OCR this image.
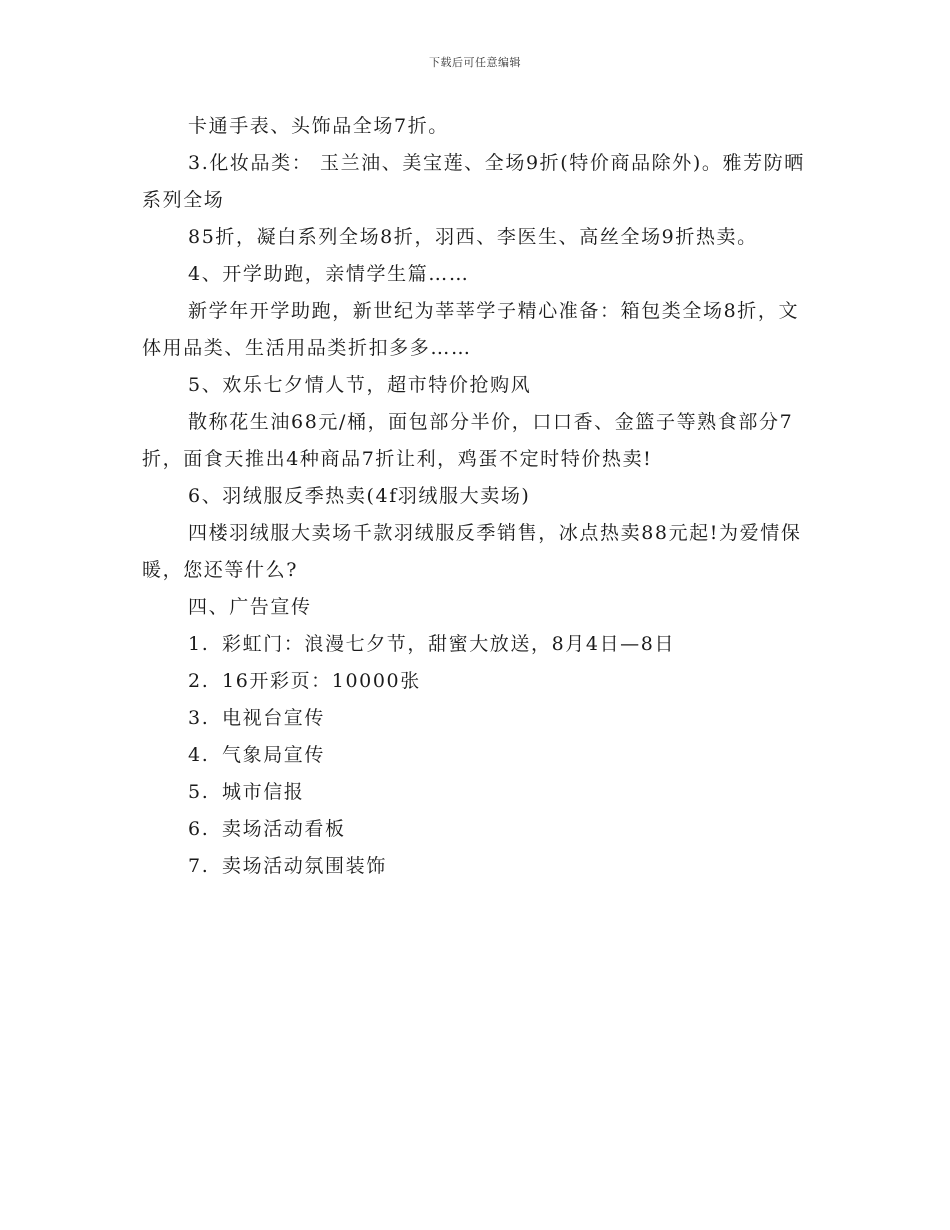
下载后可任意编辑

卡通手表、头饰品全场7折。

3.化妆品类： 玉兰油、美宝莲、全场9折(特价商品除外)。雅芳防晒系列全场

85折，凝白系列全场8折，羽西、李医生、高丝全场9折热卖。

4、开学助跑，亲情学生篇……

新学年开学助跑，新世纪为莘莘学子精心准备：箱包类全场8折，文体用品类、生活用品类折扣多多……

5、欢乐七夕情人节，超市特价抢购风

散称花生油68元/桶，面包部分半价，口口香、金篮子等熟食部分7折，面食天推出4种商品7折让利，鸡蛋不定时特价热卖!

6、羽绒服反季热卖(4f羽绒服大卖场)

四楼羽绒服大卖场千款羽绒服反季销售，冰点热卖88元起!为爱情保暖，您还等什么?

四、广告宣传

1. 彩虹门：浪漫七夕节，甜蜜大放送，8月4日—8日

2. 16开彩页：10000张

3. 电视台宣传

4. 气象局宣传

5. 城市信报

6. 卖场活动看板

7. 卖场活动氛围装饰
